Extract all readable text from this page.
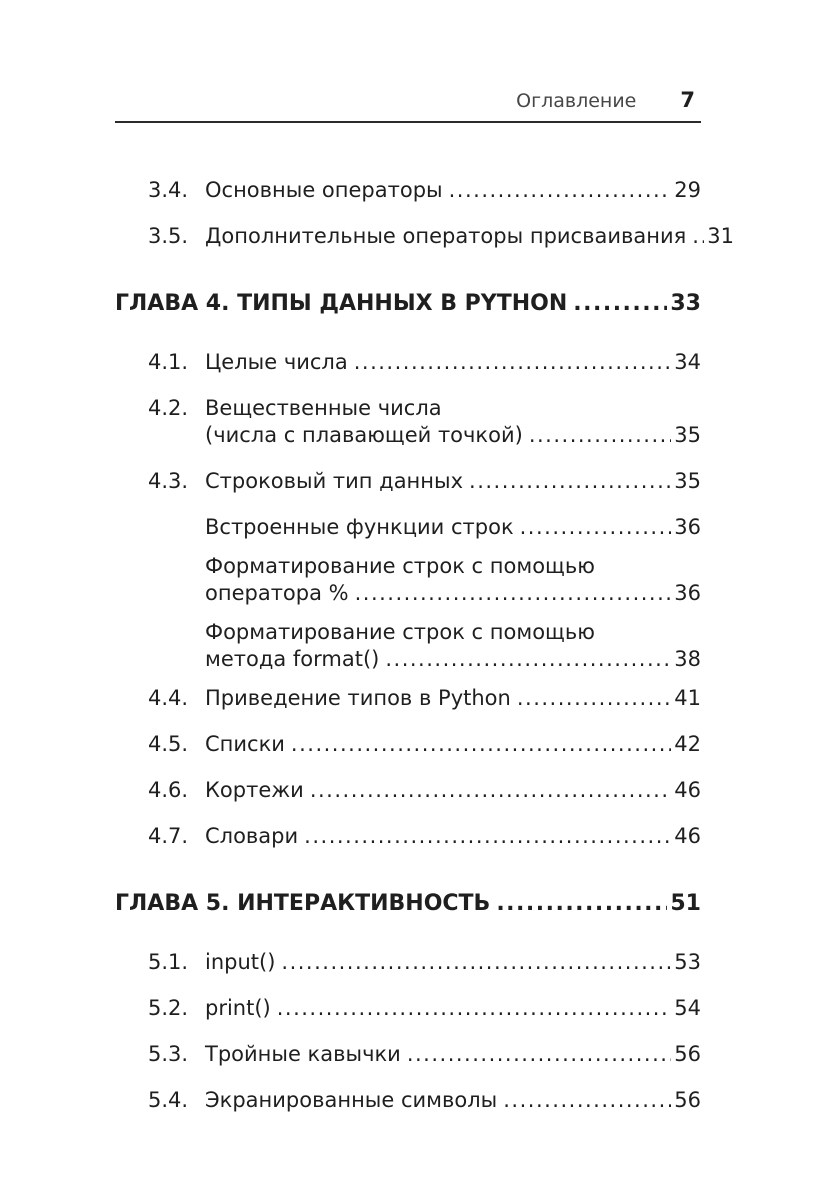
Оглавление 7
3.4. Основные операторы .....	29
3.5. Дополнительные операторы присваивания ..... 31
ГЛАВА 4. ТИПЫ ДАННЫХ В PYTHON .....	33
4.1. Целые числа .....	34
4.2. Вещественные числа
(числа с плавающей точкой) .....	35
4.3. Строковый тип данных .....	35
Встроенные функции строк .....	36
Форматирование строк с помощью
оператора % .....	36
Форматирование строк с помощью
метода format() .....	38
4.4. Приведение типов в Python .....	41
4.5. Списки .....	42
4.6. Кортежи .....	46
4.7. Словари .....	46
ГЛАВА 5. ИНТЕРАКТИВНОСТЬ .....	51
5.1. input() .....	53
5.2. print() .....	54
5.3. Тройные кавычки .....	56
5.4. Экранированные символы .....	56
